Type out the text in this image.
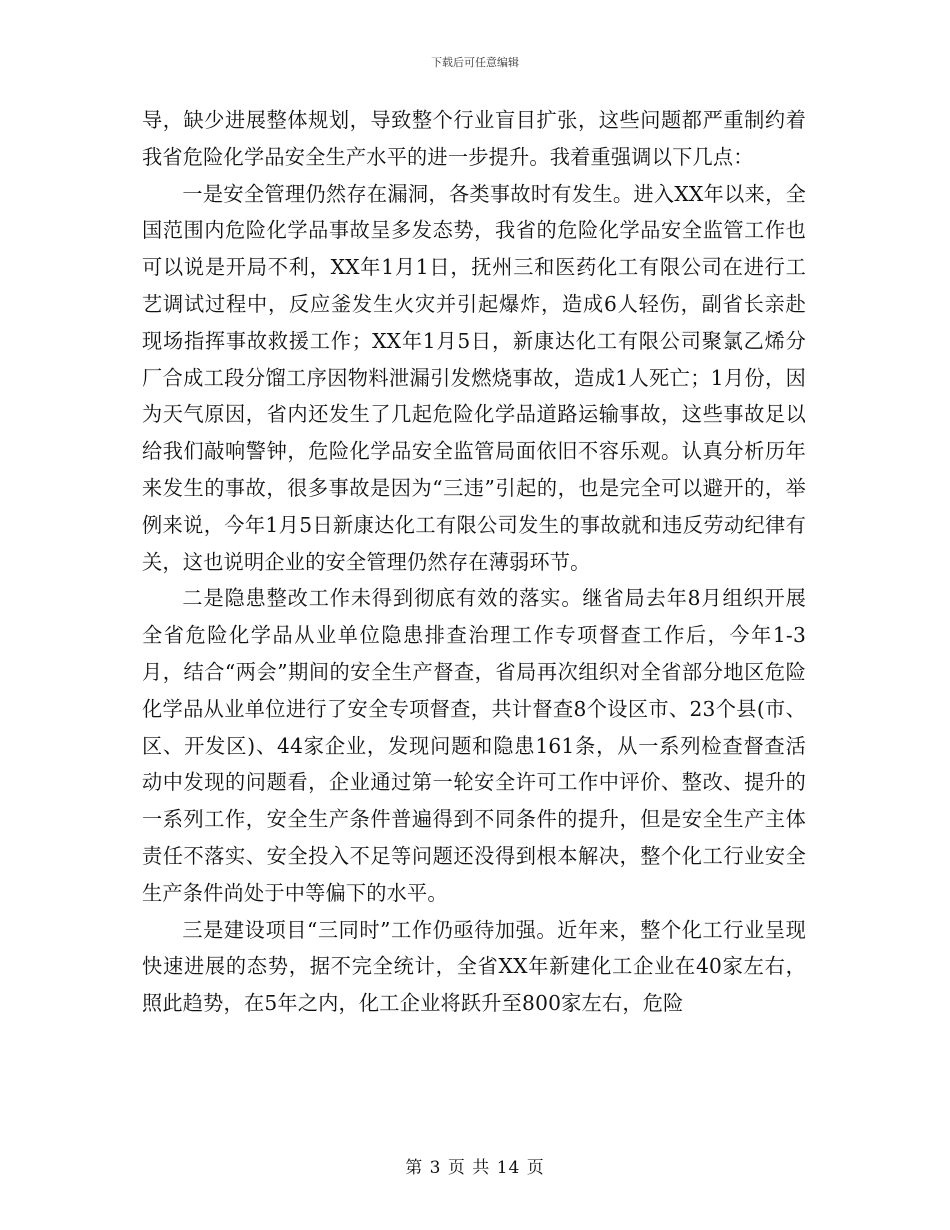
下载后可任意编辑

导，缺少进展整体规划，导致整个行业盲目扩张，这些问题都严重制约着我省危险化学品安全生产水平的进一步提升。我着重强调以下几点：

一是安全管理仍然存在漏洞，各类事故时有发生。进入XX年以来，全国范围内危险化学品事故呈多发态势，我省的危险化学品安全监管工作也可以说是开局不利，XX年1月1日，抚州三和医药化工有限公司在进行工艺调试过程中，反应釜发生火灾并引起爆炸，造成6人轻伤，副省长亲赴现场指挥事故救援工作；XX年1月5日，新康达化工有限公司聚氯乙烯分厂合成工段分馏工序因物料泄漏引发燃烧事故，造成1人死亡；1月份，因为天气原因，省内还发生了几起危险化学品道路运输事故，这些事故足以给我们敲响警钟，危险化学品安全监管局面依旧不容乐观。认真分析历年来发生的事故，很多事故是因为“三违”引起的，也是完全可以避开的，举例来说，今年1月5日新康达化工有限公司发生的事故就和违反劳动纪律有关，这也说明企业的安全管理仍然存在薄弱环节。

二是隐患整改工作未得到彻底有效的落实。继省局去年8月组织开展全省危险化学品从业单位隐患排查治理工作专项督查工作后，今年1-3月，结合“两会”期间的安全生产督查，省局再次组织对全省部分地区危险化学品从业单位进行了安全专项督查，共计督查8个设区市、23个县(市、区、开发区)、44家企业，发现问题和隐患161条，从一系列检查督查活动中发现的问题看，企业通过第一轮安全许可工作中评价、整改、提升的一系列工作，安全生产条件普遍得到不同条件的提升，但是安全生产主体责任不落实、安全投入不足等问题还没得到根本解决，整个化工行业安全生产条件尚处于中等偏下的水平。

三是建设项目“三同时”工作仍亟待加强。近年来，整个化工行业呈现快速进展的态势，据不完全统计，全省XX年新建化工企业在40家左右，照此趋势，在5年之内，化工企业将跃升至800家左右，危险

第 3 页 共 14 页
